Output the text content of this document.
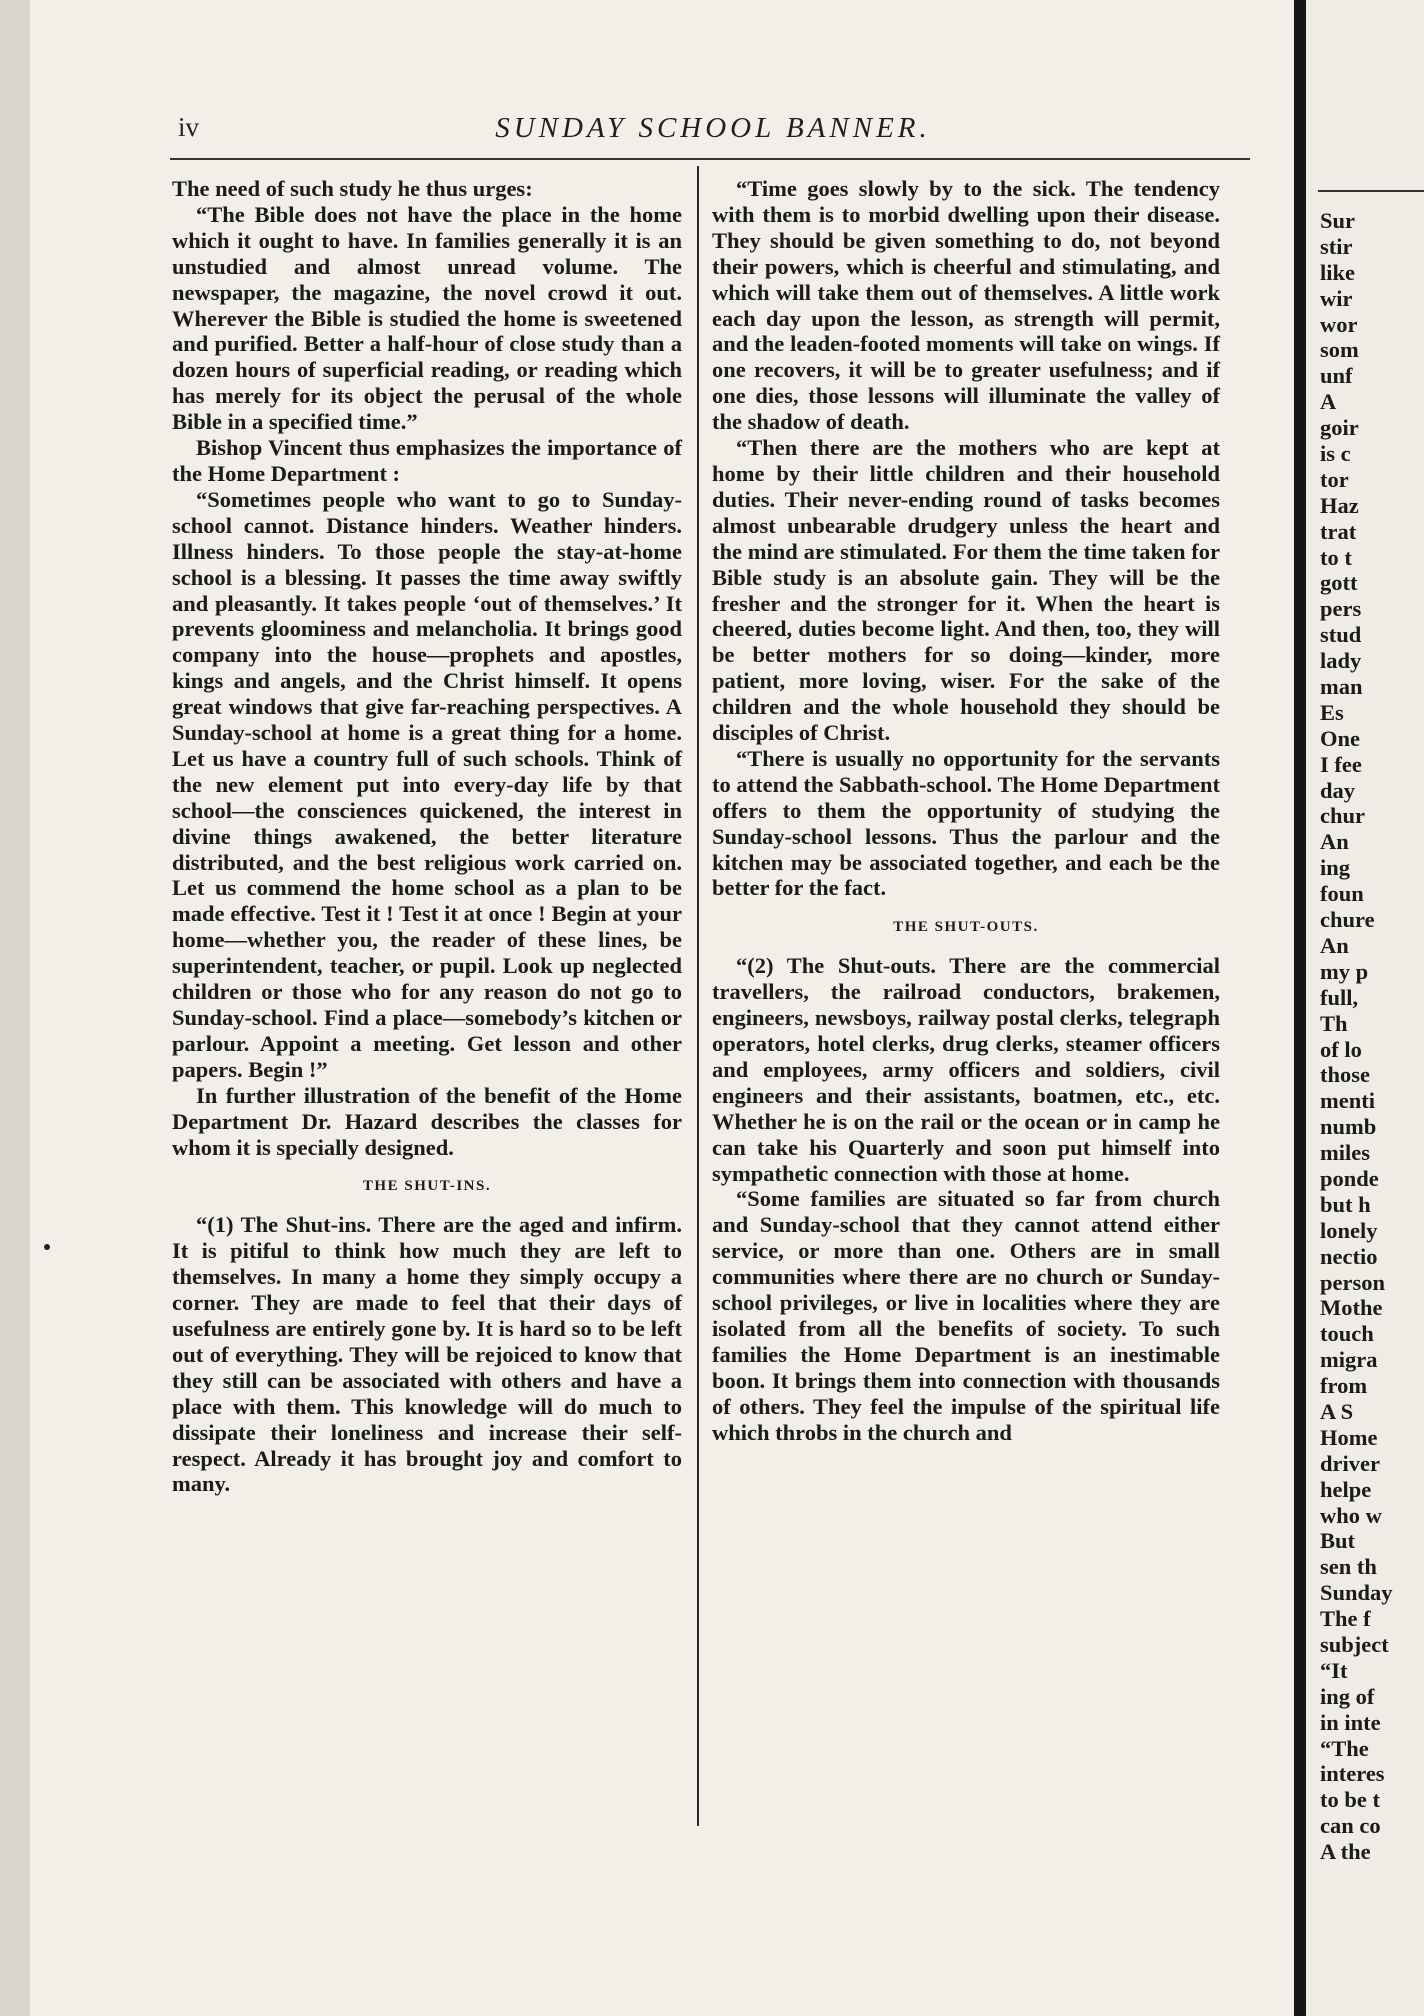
Sur
stir
like
wir
wor
som
unf
A
goir
is c
tor
Haz
trat
to t
gott
pers
stud
lady
man
Es
One
I fee
day
chur
An
ing
foun
chure
An
my p
full,
Th
of lo
those
menti
numb
miles
ponde
but h
lonely
nectio
person
Mothe
touch
migra
from
A S
Home
driver
helpe
who w
But
sen th
Sunday
The f
subject
“It
ing of
in inte
“The
interes
to be t
can co
A the
iv	SUNDAY SCHOOL BANNER.

The need of such study he thus urges:

“The Bible does not have the place in the home which it ought to have. In families generally it is an unstudied and almost unread volume. The newspaper, the magazine, the novel crowd it out. Wherever the Bible is studied the home is sweetened and purified. Better a half-hour of close study than a dozen hours of superficial reading, or reading which has merely for its object the perusal of the whole Bible in a specified time.”

Bishop Vincent thus emphasizes the importance of the Home Department :

“Sometimes people who want to go to Sunday-school cannot. Distance hinders. Weather hinders. Illness hinders. To those people the stay-at-home school is a blessing. It passes the time away swiftly and pleasantly. It takes people ‘out of themselves.’ It prevents gloominess and melancholia. It brings good company into the house—prophets and apostles, kings and angels, and the Christ himself. It opens great windows that give far-reaching perspectives. A Sunday-school at home is a great thing for a home. Let us have a country full of such schools. Think of the new element put into every-day life by that school—the consciences quickened, the interest in divine things awakened, the better literature distributed, and the best religious work carried on. Let us commend the home school as a plan to be made effective. Test it ! Test it at once ! Begin at your home—whether you, the reader of these lines, be superintendent, teacher, or pupil. Look up neglected children or those who for any reason do not go to Sunday-school. Find a place—somebody’s kitchen or parlour. Appoint a meeting. Get lesson and other papers. Begin !”

In further illustration of the benefit of the Home Department Dr. Hazard describes the classes for whom it is specially designed.

THE SHUT-INS.

“(1) The Shut-ins. There are the aged and infirm. It is pitiful to think how much they are left to themselves. In many a home they simply occupy a corner. They are made to feel that their days of usefulness are entirely gone by. It is hard so to be left out of everything. They will be rejoiced to know that they still can be associated with others and have a place with them. This knowledge will do much to dissipate their loneliness and increase their self-respect. Already it has brought joy and comfort to many.

“Time goes slowly by to the sick. The tendency with them is to morbid dwelling upon their disease. They should be given something to do, not beyond their powers, which is cheerful and stimulating, and which will take them out of themselves. A little work each day upon the lesson, as strength will permit, and the leaden-footed moments will take on wings. If one recovers, it will be to greater usefulness; and if one dies, those lessons will illuminate the valley of the shadow of death.

“Then there are the mothers who are kept at home by their little children and their household duties. Their never-ending round of tasks becomes almost unbearable drudgery unless the heart and the mind are stimulated. For them the time taken for Bible study is an absolute gain. They will be the fresher and the stronger for it. When the heart is cheered, duties become light. And then, too, they will be better mothers for so doing—kinder, more patient, more loving, wiser. For the sake of the children and the whole household they should be disciples of Christ.

“There is usually no opportunity for the servants to attend the Sabbath-school. The Home Department offers to them the opportunity of studying the Sunday-school lessons. Thus the parlour and the kitchen may be associated together, and each be the better for the fact.

THE SHUT-OUTS.

“(2) The Shut-outs. There are the commercial travellers, the railroad conductors, brakemen, engineers, newsboys, railway postal clerks, telegraph operators, hotel clerks, drug clerks, steamer officers and employees, army officers and soldiers, civil engineers and their assistants, boatmen, etc., etc. Whether he is on the rail or the ocean or in camp he can take his Quarterly and soon put himself into sympathetic connection with those at home.

“Some families are situated so far from church and Sunday-school that they cannot attend either service, or more than one. Others are in small communities where there are no church or Sunday-school privileges, or live in localities where they are isolated from all the benefits of society. To such families the Home Department is an inestimable boon. It brings them into connection with thousands of others. They feel the impulse of the spiritual life which throbs in the church and
